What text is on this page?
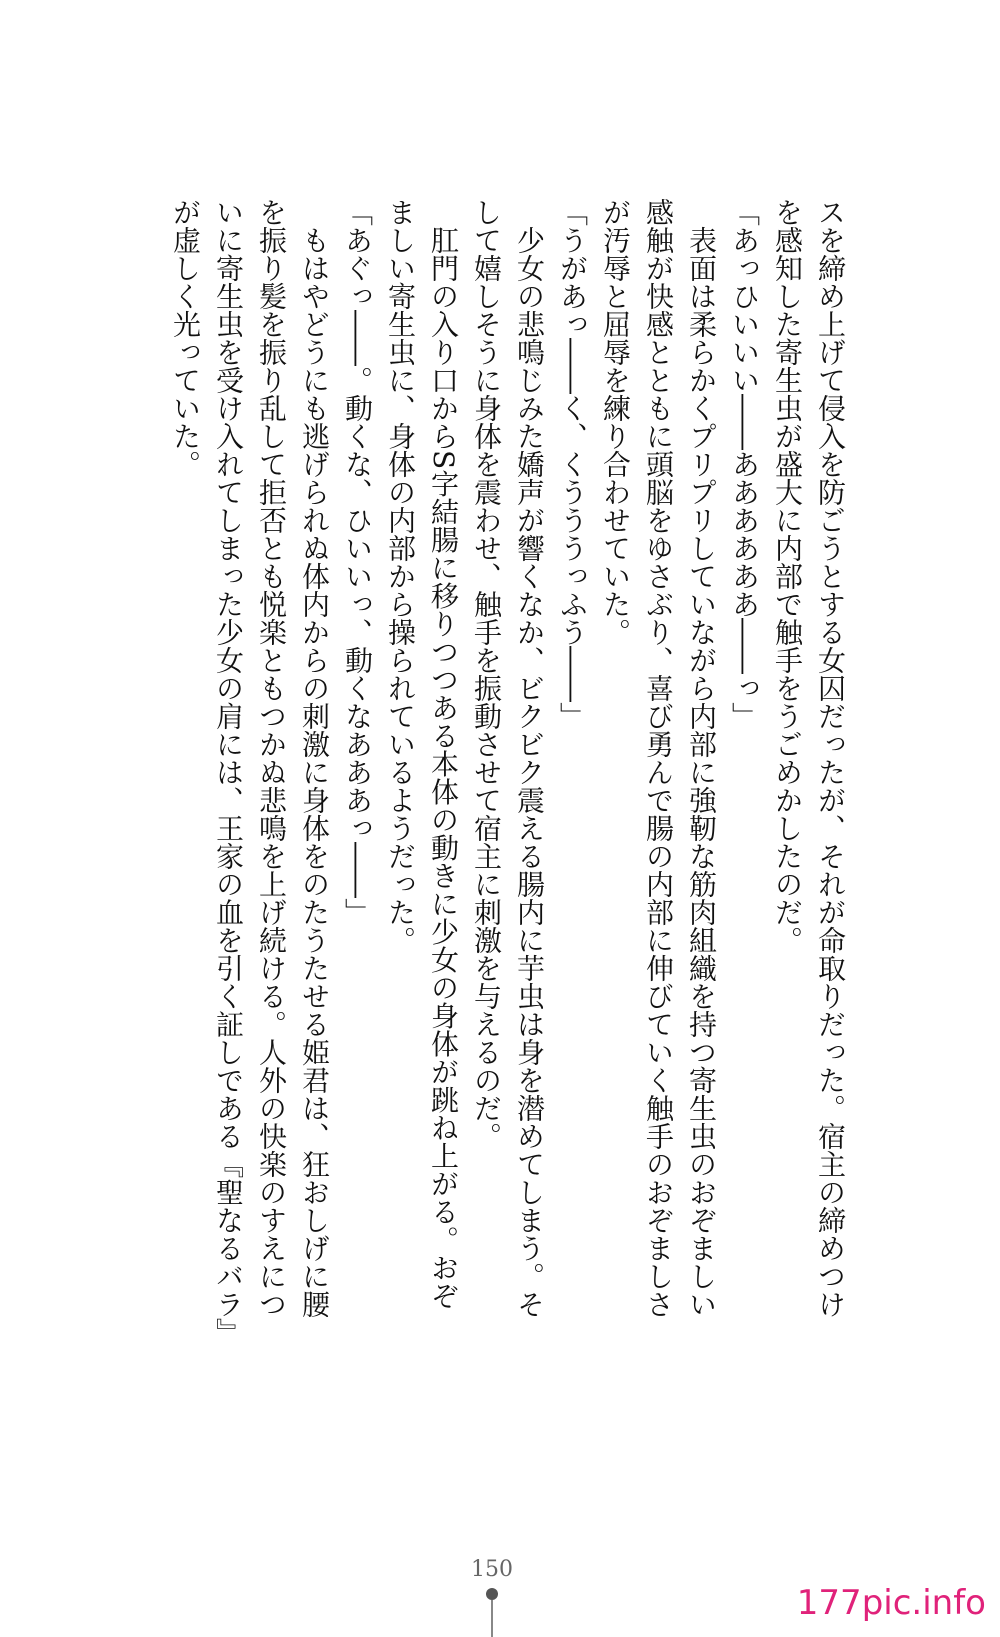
スを締め上げて侵入を防ごうとする女囚だったが、それが命取りだった。宿主の締めつけ
を感知した寄生虫が盛大に内部で触手をうごめかしたのだ。
「あっひいいい――ああああああ――っ」
表面は柔らかくプリプリしていながら内部に強靭な筋肉組織を持つ寄生虫のおぞましい
感触が快感とともに頭脳をゆさぶり、喜び勇んで腸の内部に伸びていく触手のおぞましさ
が汚辱と屈辱を練り合わせていた。
「うがあっ――く、くうううっふう――」
少女の悲鳴じみた嬌声が響くなか、ビクビク震える腸内に芋虫は身を潜めてしまう。そ
して嬉しそうに身体を震わせ、触手を振動させて宿主に刺激を与えるのだ。
肛門の入り口からS字結腸に移りつつある本体の動きに少女の身体が跳ね上がる。おぞ
ましい寄生虫に、身体の内部から操られているようだった。
「あぐっ――。動くな、ひいいっ、動くなあああっ――」
もはやどうにも逃げられぬ体内からの刺激に身体をのたうたせる姫君は、狂おしげに腰
を振り髪を振り乱して拒否とも悦楽ともつかぬ悲鳴を上げ続ける。人外の快楽のすえにつ
いに寄生虫を受け入れてしまった少女の肩には、王家の血を引く証しである『聖なるバラ』
が虚しく光っていた。
150
177pic.info
